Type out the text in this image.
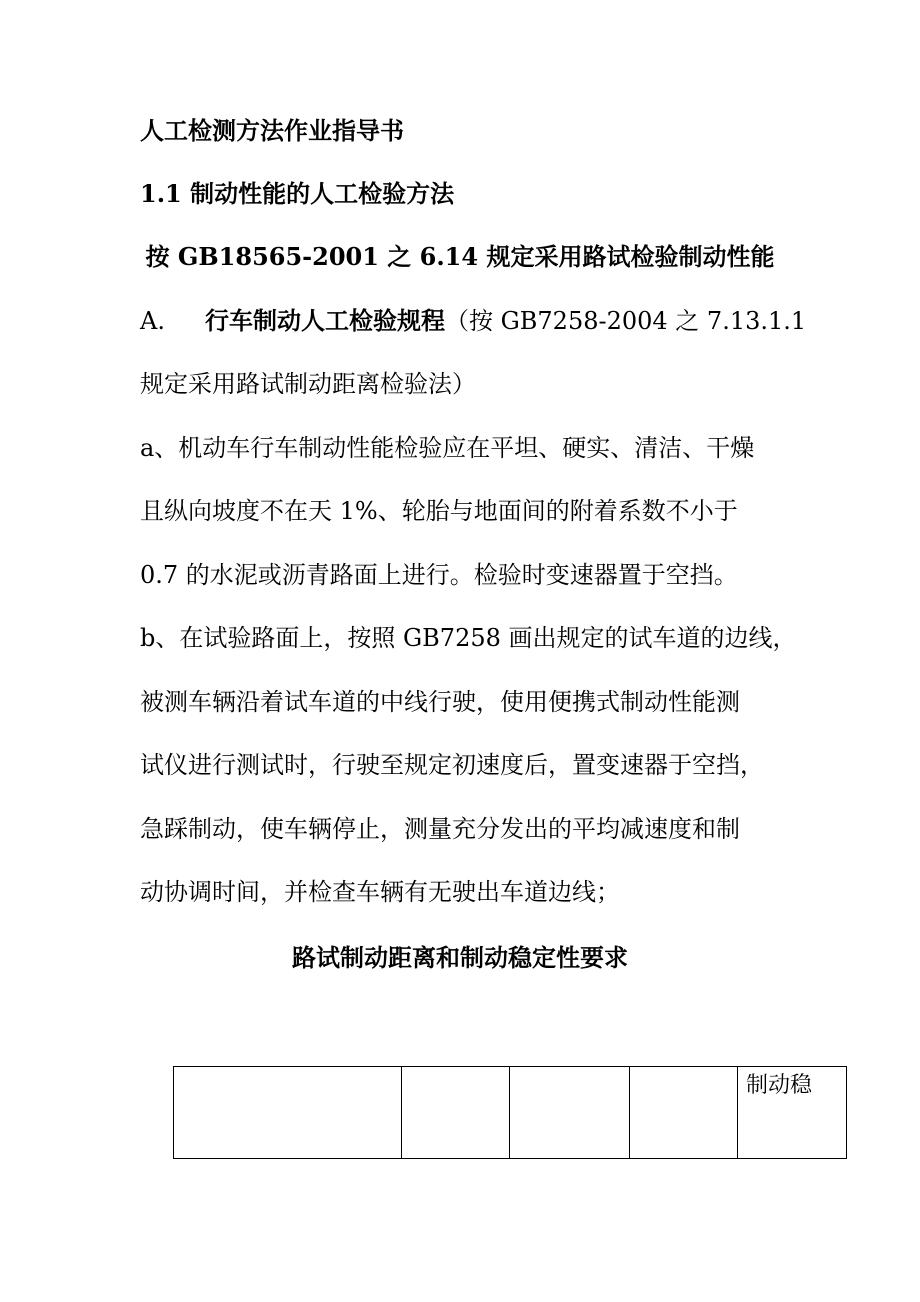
人工检测方法作业指导书
1.1 制动性能的人工检验方法
按 GB18565-2001 之 6.14 规定采用路试检验制动性能
A. 行车制动人工检验规程（按 GB7258-2004 之 7.13.1.1
规定采用路试制动距离检验法）
a、机动车行车制动性能检验应在平坦、硬实、清洁、干燥
且纵向坡度不在天 1%、轮胎与地面间的附着系数不小于
0.7 的水泥或沥青路面上进行。检验时变速器置于空挡。
b、在试验路面上，按照 GB7258 画出规定的试车道的边线，
被测车辆沿着试车道的中线行驶，使用便携式制动性能测
试仪进行测试时，行驶至规定初速度后，置变速器于空挡，
急踩制动，使车辆停止，测量充分发出的平均减速度和制
动协调时间，并检查车辆有无驶出车道边线；
路试制动距离和制动稳定性要求
				制动稳
